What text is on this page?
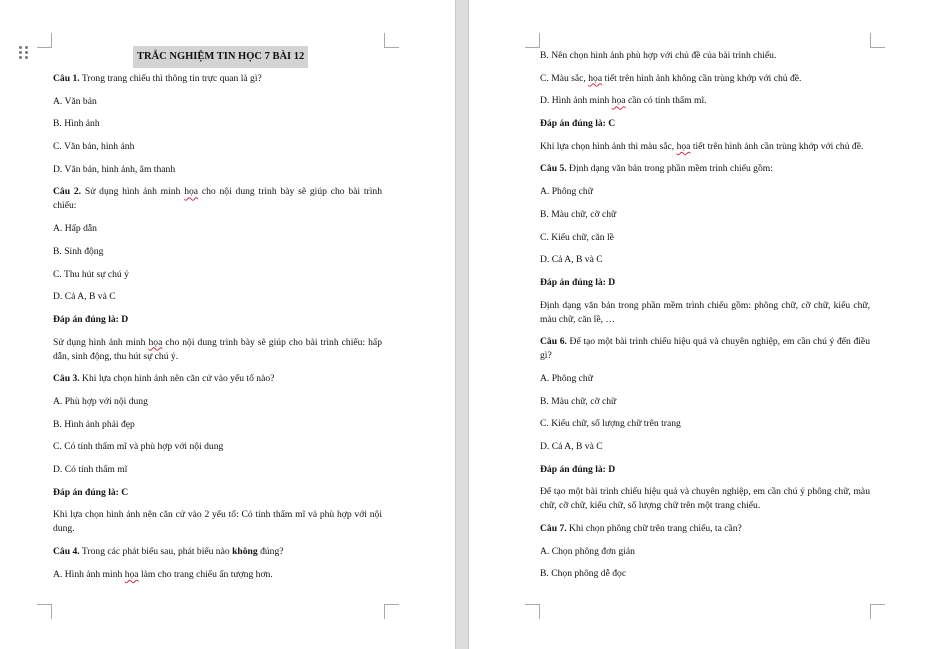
TRẮC NGHIỆM TIN HỌC 7 BÀI 12

Câu 1. Trong trang chiếu thì thông tin trực quan là gì?

A. Văn bản

B. Hình ảnh

C. Văn bản, hình ảnh

D. Văn bản, hình ảnh, âm thanh

Câu 2. Sử dụng hình ảnh minh họa cho nội dung trình bày sẽ giúp cho bài trình chiếu:

A. Hấp dẫn

B. Sinh động

C. Thu hút sự chú ý

D. Cả A, B và C

Đáp án đúng là: D

Sử dụng hình ảnh minh họa cho nội dung trình bày sẽ giúp cho bài trình chiếu: hấp dẫn, sinh động, thu hút sự chú ý.

Câu 3. Khi lựa chọn hình ảnh nên căn cứ vào yếu tố nào?

A. Phù hợp với nội dung

B. Hình ảnh phải đẹp

C. Có tính thẩm mĩ và phù hợp với nội dung

D. Có tính thẩm mĩ

Đáp án đúng là: C

Khi lựa chọn hình ảnh nên căn cứ vào 2 yếu tố: Có tính thẩm mĩ và phù hợp với nội dung.

Câu 4. Trong các phát biểu sau, phát biểu nào không đúng?

A. Hình ảnh minh họa làm cho trang chiếu ấn tượng hơn.

B. Nên chọn hình ảnh phù hợp với chủ đề của bài trình chiếu.

C. Màu sắc, họa tiết trên hình ảnh không cần trùng khớp với chủ đề.

D. Hình ảnh minh họa cần có tính thẩm mĩ.

Đáp án đúng là: C

Khi lựa chọn hình ảnh thì màu sắc, họa tiết trên hình ảnh cần trùng khớp với chủ đề.

Câu 5. Định dạng văn bản trong phần mềm trình chiếu gồm:

A. Phông chữ

B. Màu chữ, cỡ chữ

C. Kiểu chữ, căn lề

D. Cả A, B và C

Đáp án đúng là: D

Định dạng văn bản trong phần mềm trình chiếu gồm: phông chữ, cỡ chữ, kiểu chữ, màu chữ, căn lề, …

Câu 6. Để tạo một bài trình chiếu hiệu quả và chuyên nghiệp, em cần chú ý đến điều gì?

A. Phông chữ

B. Màu chữ, cỡ chữ

C. Kiểu chữ, số lượng chữ trên trang

D. Cả A, B và C

Đáp án đúng là: D

Để tạo một bài trình chiếu hiệu quả và chuyên nghiệp, em cần chú ý phông chữ, màu chữ, cỡ chữ, kiểu chữ, số lượng chữ trên một trang chiếu.

Câu 7. Khi chọn phông chữ trên trang chiếu, ta cần?

A. Chọn phông đơn giản

B. Chọn phông dễ đọc
